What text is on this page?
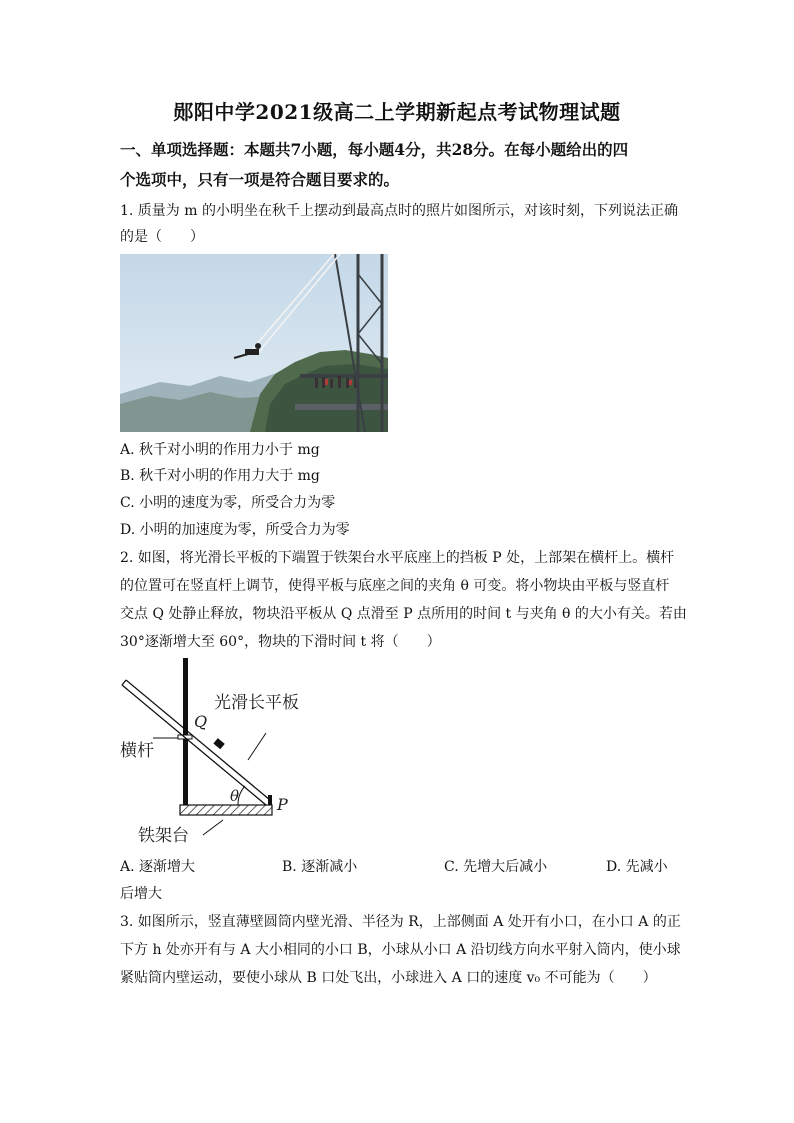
郧阳中学2021级高二上学期新起点考试物理试题
一、单项选择题：本题共7小题，每小题4分，共28分。在每小题给出的四
个选项中，只有一项是符合题目要求的。
1. 质量为 m 的小明坐在秋千上摆动到最高点时的照片如图所示，对该时刻，下列说法正确
的是（　　）
A. 秋千对小明的作用力小于 mg
B. 秋千对小明的作用力大于 mg
C. 小明的速度为零，所受合力为零
D. 小明的加速度为零，所受合力为零
2. 如图，将光滑长平板的下端置于铁架台水平底座上的挡板 P 处，上部架在横杆上。横杆
的位置可在竖直杆上调节，使得平板与底座之间的夹角 θ 可变。将小物块由平板与竖直杆
交点 Q 处静止释放，物块沿平板从 Q 点滑至 P 点所用的时间 t 与夹角 θ 的大小有关。若由
30°逐渐增大至 60°，物块的下滑时间 t 将（　　）
光滑长平板
横杆
铁架台
Q
P
θ
A. 逐渐增大	B. 逐渐减小	C. 先增大后减小	D. 先减小
后增大
3. 如图所示，竖直薄壁圆筒内壁光滑、半径为 R，上部侧面 A 处开有小口，在小口 A 的正
下方 h 处亦开有与 A 大小相同的小口 B，小球从小口 A 沿切线方向水平射入筒内，使小球
紧贴筒内壁运动，要使小球从 B 口处飞出，小球进入 A 口的速度 v₀ 不可能为（　　）
